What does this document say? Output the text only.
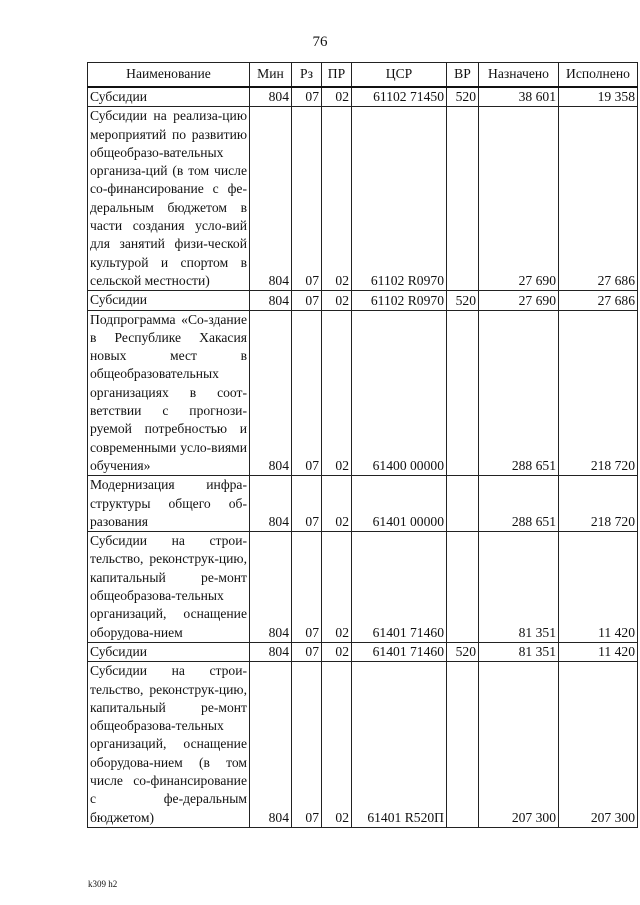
76
Наименование	Мин	Рз	ПР	ЦСР	ВР	Назначено	Исполнено
Субсидии	804	07	02	61102 71450	520	38 601	19 358
Субсидии на реализа-цию мероприятий по развитию общеобразо-вательных организа-ций (в том числе со-финансирование с фе-деральным бюджетом в части создания усло-вий для занятий физи-ческой культурой и спортом в сельской местности)	804	07	02	61102 R0970		27 690	27 686
Субсидии	804	07	02	61102 R0970	520	27 690	27 686
Подпрограмма «Со-здание в Республике Хакасия новых мест в общеобразовательных организациях в соот-ветствии с прогнози-руемой потребностью и современными усло-виями обучения»	804	07	02	61400 00000		288 651	218 720
Модернизация инфра-структуры общего об-разования	804	07	02	61401 00000		288 651	218 720
Субсидии на строи-тельство, реконструк-цию, капитальный ре-монт общеобразова-тельных организаций, оснащение оборудова-нием	804	07	02	61401 71460		81 351	11 420
Субсидии	804	07	02	61401 71460	520	81 351	11 420
Субсидии на строи-тельство, реконструк-цию, капитальный ре-монт общеобразова-тельных организаций, оснащение оборудова-нием (в том числе со-финансирование с фе-деральным бюджетом)	804	07	02	61401 R520П		207 300	207 300
k309 h2
